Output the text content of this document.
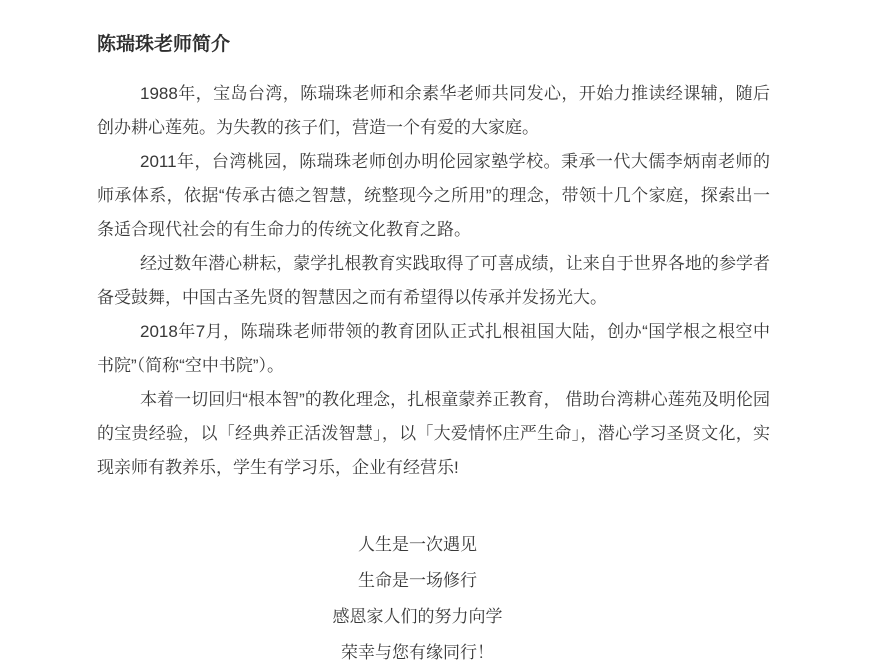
陈瑞珠老师简介

1988年，宝岛台湾，陈瑞珠老师和余素华老师共同发心，开始力推读经课辅，随后创办耕心莲苑。为失教的孩子们，营造一个有爱的大家庭。

2011年，台湾桃园，陈瑞珠老师创办明伦园家塾学校。秉承一代大儒李炳南老师的师承体系，依据“传承古德之智慧，统整现今之所用”的理念，带领十几个家庭，探索出一条适合现代社会的有生命力的传统文化教育之路。

经过数年潜心耕耘，蒙学扎根教育实践取得了可喜成绩，让来自于世界各地的参学者备受鼓舞，中国古圣先贤的智慧因之而有希望得以传承并发扬光大。

2018年7月，陈瑞珠老师带领的教育团队正式扎根祖国大陆，创办“国学根之根空中书院”（简称“空中书院”）。

本着一切回归“根本智”的教化理念，扎根童蒙养正教育， 借助台湾耕心莲苑及明伦园的宝贵经验，以「经典养正活泼智慧」，以「大爱情怀庄严生命」，潜心学习圣贤文化，实现亲师有教养乐，学生有学习乐，企业有经营乐!

人生是一次遇见

生命是一场修行

感恩家人们的努力向学

荣幸与您有缘同行！
